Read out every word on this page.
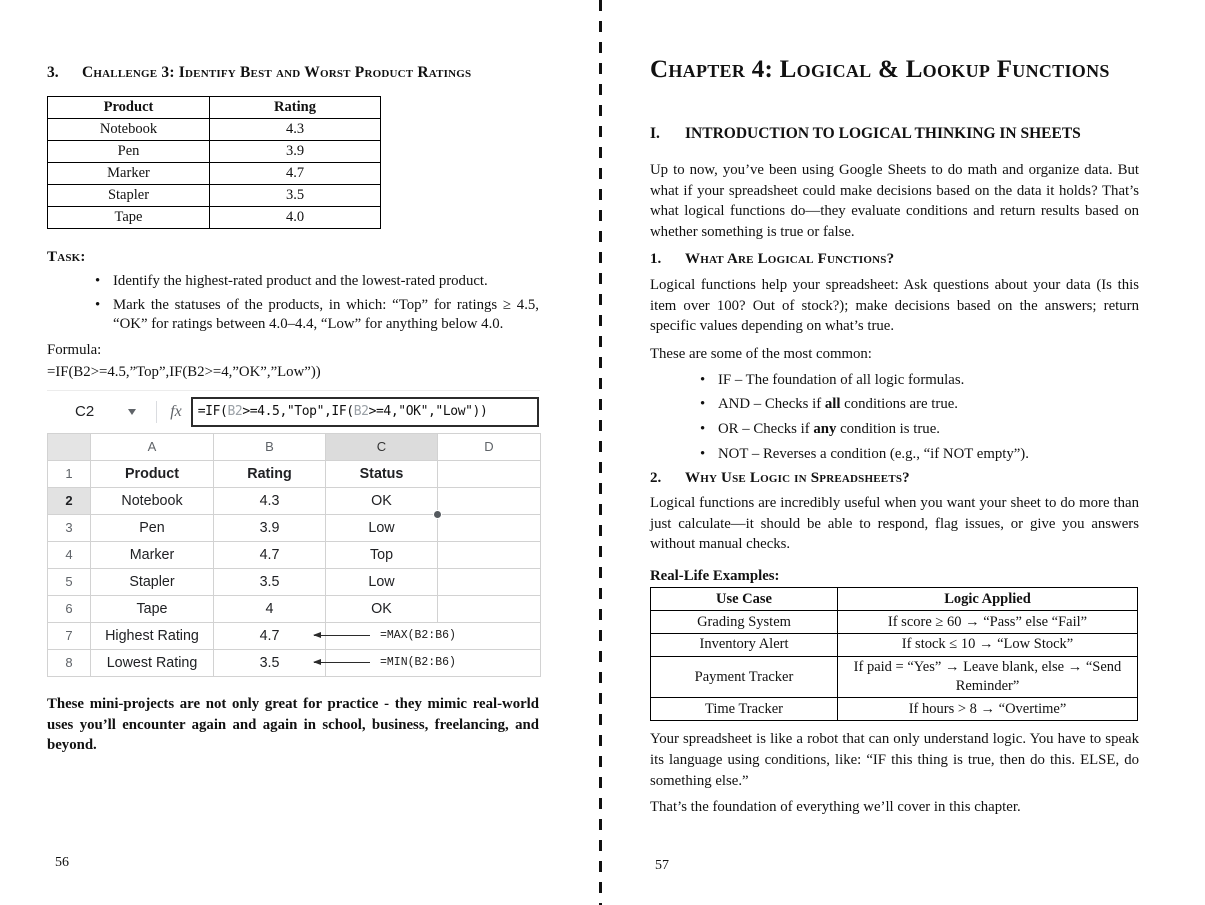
3.	Challenge 3: Identify Best and Worst Product Ratings
Product	Rating
Notebook	4.3
Pen	3.9
Marker	4.7
Stapler	3.5
Tape	4.0
Task:
• Identify the highest-rated product and the lowest-rated product.
• Mark the statuses of the products, in which: “Top” for ratings ≥ 4.5, “OK” for ratings between 4.0–4.4, “Low” for anything below 4.0.
Formula:
=IF(B2>=4.5,”Top”,IF(B2>=4,”OK”,”Low”))
C2	fx =IF( B2 >=4.5,"Top",IF( B2 >=4,"OK","Low"))
	A	B	C	D
1	Product	Rating	Status	
2	Notebook	4.3	OK

3	Pen	3.9	Low	
4	Marker	4.7	Top	
5	Stapler	3.5	Low	
6	Tape	4	OK	
7	Highest Rating	4.7	=MAX(B2:B6)	

8	Lowest Rating	3.5	=MIN(B2:B6)	

These mini-projects are not only great for practice - they mimic real-world uses you’ll encounter again and again in school, business, freelancing, and beyond.

56
Chapter 4: Logical & Lookup Functions
I.	INTRODUCTION TO LOGICAL THINKING IN SHEETS

Up to now, you’ve been using Google Sheets to do math and organize data. But what if your spreadsheet could make decisions based on the data it holds? That’s what logical functions do—they evaluate conditions and return results based on whether something is true or false.

1.	What Are Logical Functions?

Logical functions help your spreadsheet: Ask questions about your data (Is this item over 100? Out of stock?); make decisions based on the answers; return specific values depending on what’s true.

These are some of the most common:

• IF – The foundation of all logic formulas.
• AND – Checks if all conditions are true.
• OR – Checks if any condition is true.
• NOT – Reverses a condition (e.g., “if NOT empty”).
2.	Why Use Logic in Spreadsheets?

Logical functions are incredibly useful when you want your sheet to do more than just calculate—it should be able to respond, flag issues, or give you answers without manual checks.

Real-Life Examples:
Use Case	Logic Applied
Grading System	If score ≥ 60 → “Pass” else “Fail”
Inventory Alert	If stock ≤ 10 → “Low Stock”
Payment Tracker	If paid = “Yes” → Leave blank, else → “Send Reminder”
Time Tracker	If hours > 8 → “Overtime”

Your spreadsheet is like a robot that can only understand logic. You have to speak its language using conditions, like: “IF this thing is true, then do this. ELSE, do something else.”

That’s the foundation of everything we’ll cover in this chapter.

57
